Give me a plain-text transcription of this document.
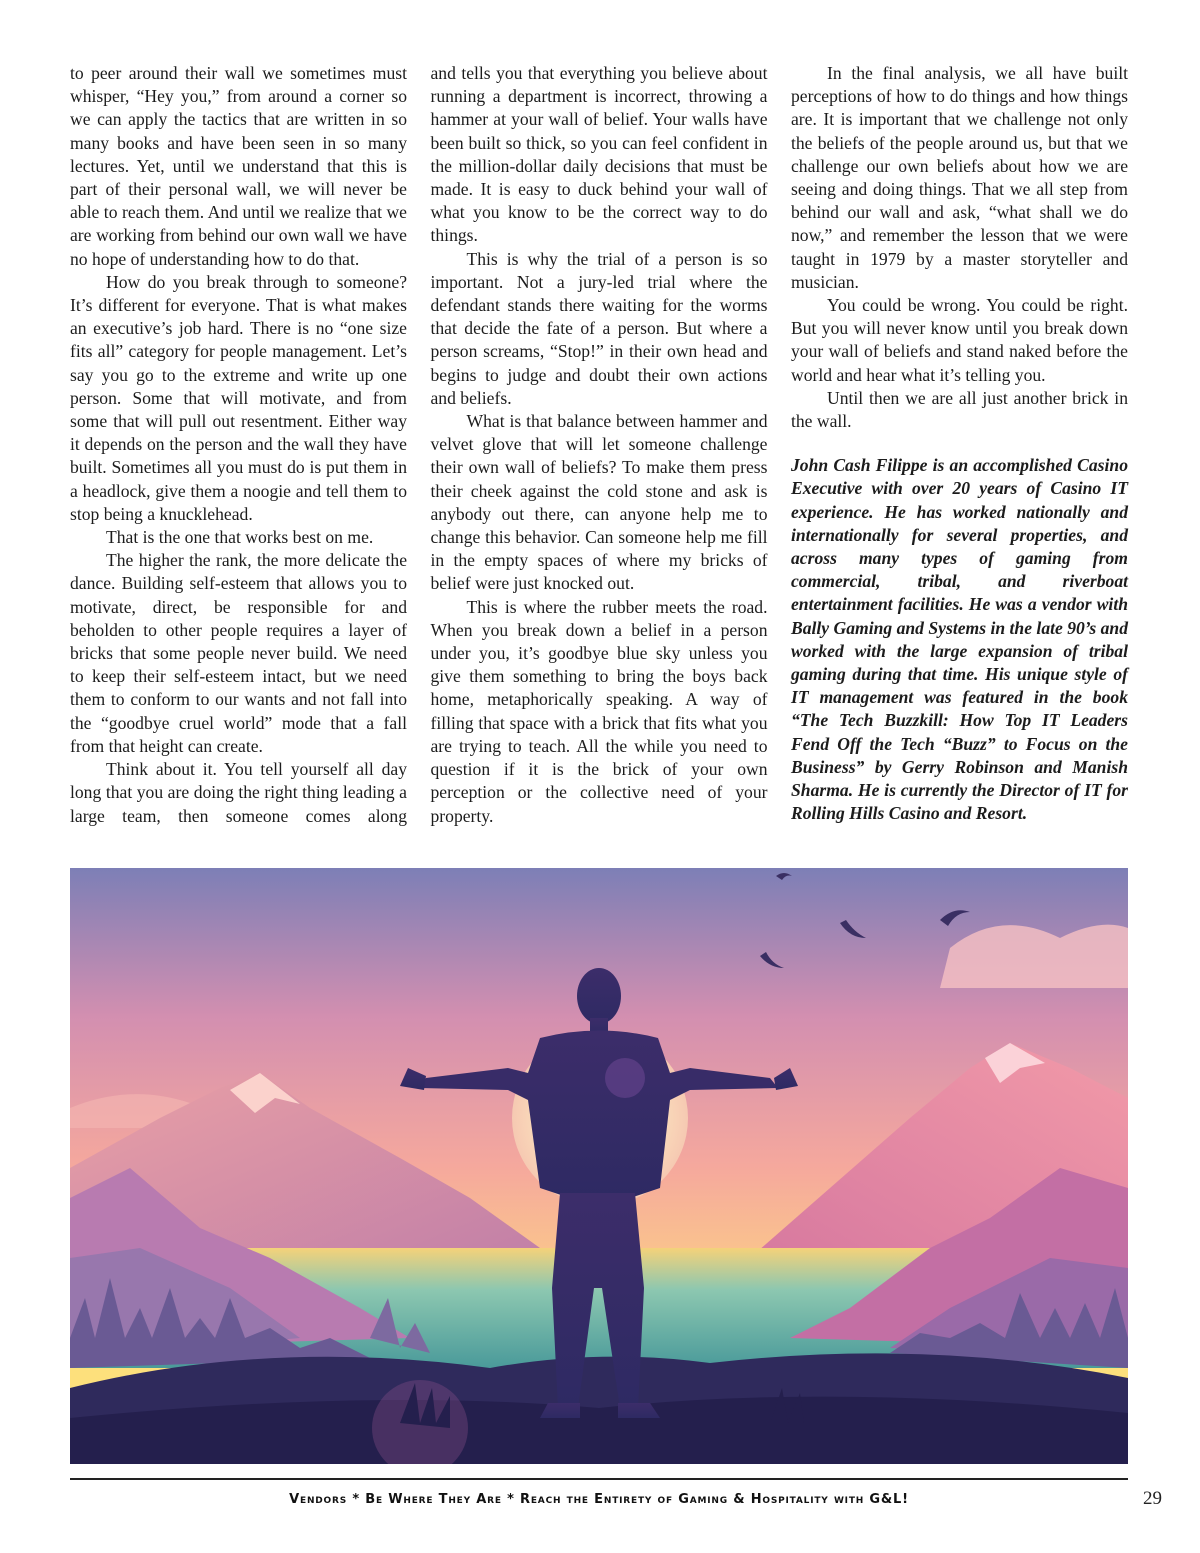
to peer around their wall we sometimes must whisper, “Hey you,” from around a corner so we can apply the tactics that are written in so many books and have been seen in so many lectures. Yet, until we understand that this is part of their personal wall, we will never be able to reach them. And until we realize that we are working from behind our own wall we have no hope of understanding how to do that.

How do you break through to someone? It’s different for everyone. That is what makes an executive’s job hard. There is no “one size fits all” category for people management. Let’s say you go to the extreme and write up one person. Some that will motivate, and from some that will pull out resentment. Either way it depends on the person and the wall they have built. Sometimes all you must do is put them in a headlock, give them a noogie and tell them to stop being a knucklehead.

That is the one that works best on me.

The higher the rank, the more delicate the dance. Building self-esteem that allows you to motivate, direct, be responsible for and beholden to other people requires a layer of bricks that some people never build. We need to keep their self-esteem intact, but we need them to conform to our wants and not fall into the “goodbye cruel world” mode that a fall from that height can create.

Think about it. You tell yourself all day long that you are doing the right thing leading a large team, then someone comes along

and tells you that everything you believe about running a department is incorrect, throwing a hammer at your wall of belief. Your walls have been built so thick, so you can feel confident in the million-dollar daily decisions that must be made. It is easy to duck behind your wall of what you know to be the correct way to do things.

This is why the trial of a person is so important. Not a jury-led trial where the defendant stands there waiting for the worms that decide the fate of a person. But where a person screams, “Stop!” in their own head and begins to judge and doubt their own actions and beliefs.

What is that balance between hammer and velvet glove that will let someone challenge their own wall of beliefs? To make them press their cheek against the cold stone and ask is anybody out there, can anyone help me to change this behavior. Can someone help me fill in the empty spaces of where my bricks of belief were just knocked out.

This is where the rubber meets the road. When you break down a belief in a person under you, it’s goodbye blue sky unless you give them something to bring the boys back home, metaphorically speaking. A way of filling that space with a brick that fits what you are trying to teach. All the while you need to question if it is the brick of your own perception or the collective need of your property.

In the final analysis, we all have built perceptions of how to do things and how things are. It is important that we challenge not only the beliefs of the people around us, but that we challenge our own beliefs about how we are seeing and doing things. That we all step from behind our wall and ask, “what shall we do now,” and remember the lesson that we were taught in 1979 by a master storyteller and musician.

You could be wrong. You could be right. But you will never know until you break down your wall of beliefs and stand naked before the world and hear what it’s telling you.

Until then we are all just another brick in the wall.

John Cash Filippe is an accomplished Casino Executive with over 20 years of Casino IT experience. He has worked nationally and internationally for several properties, and across many types of gaming from commercial, tribal, and riverboat entertainment facilities. He was a vendor with Bally Gaming and Systems in the late 90’s and worked with the large expansion of tribal gaming during that time. His unique style of IT management was featured in the book “The Tech Buzzkill: How Top IT Leaders Fend Off the Tech “Buzz” to Focus on the Business” by Gerry Robinson and Manish Sharma. He is currently the Director of IT for Rolling Hills Casino and Resort.

Vendors * Be Where They Are * Reach the Entirety of Gaming & Hospitality with G&L!	29
